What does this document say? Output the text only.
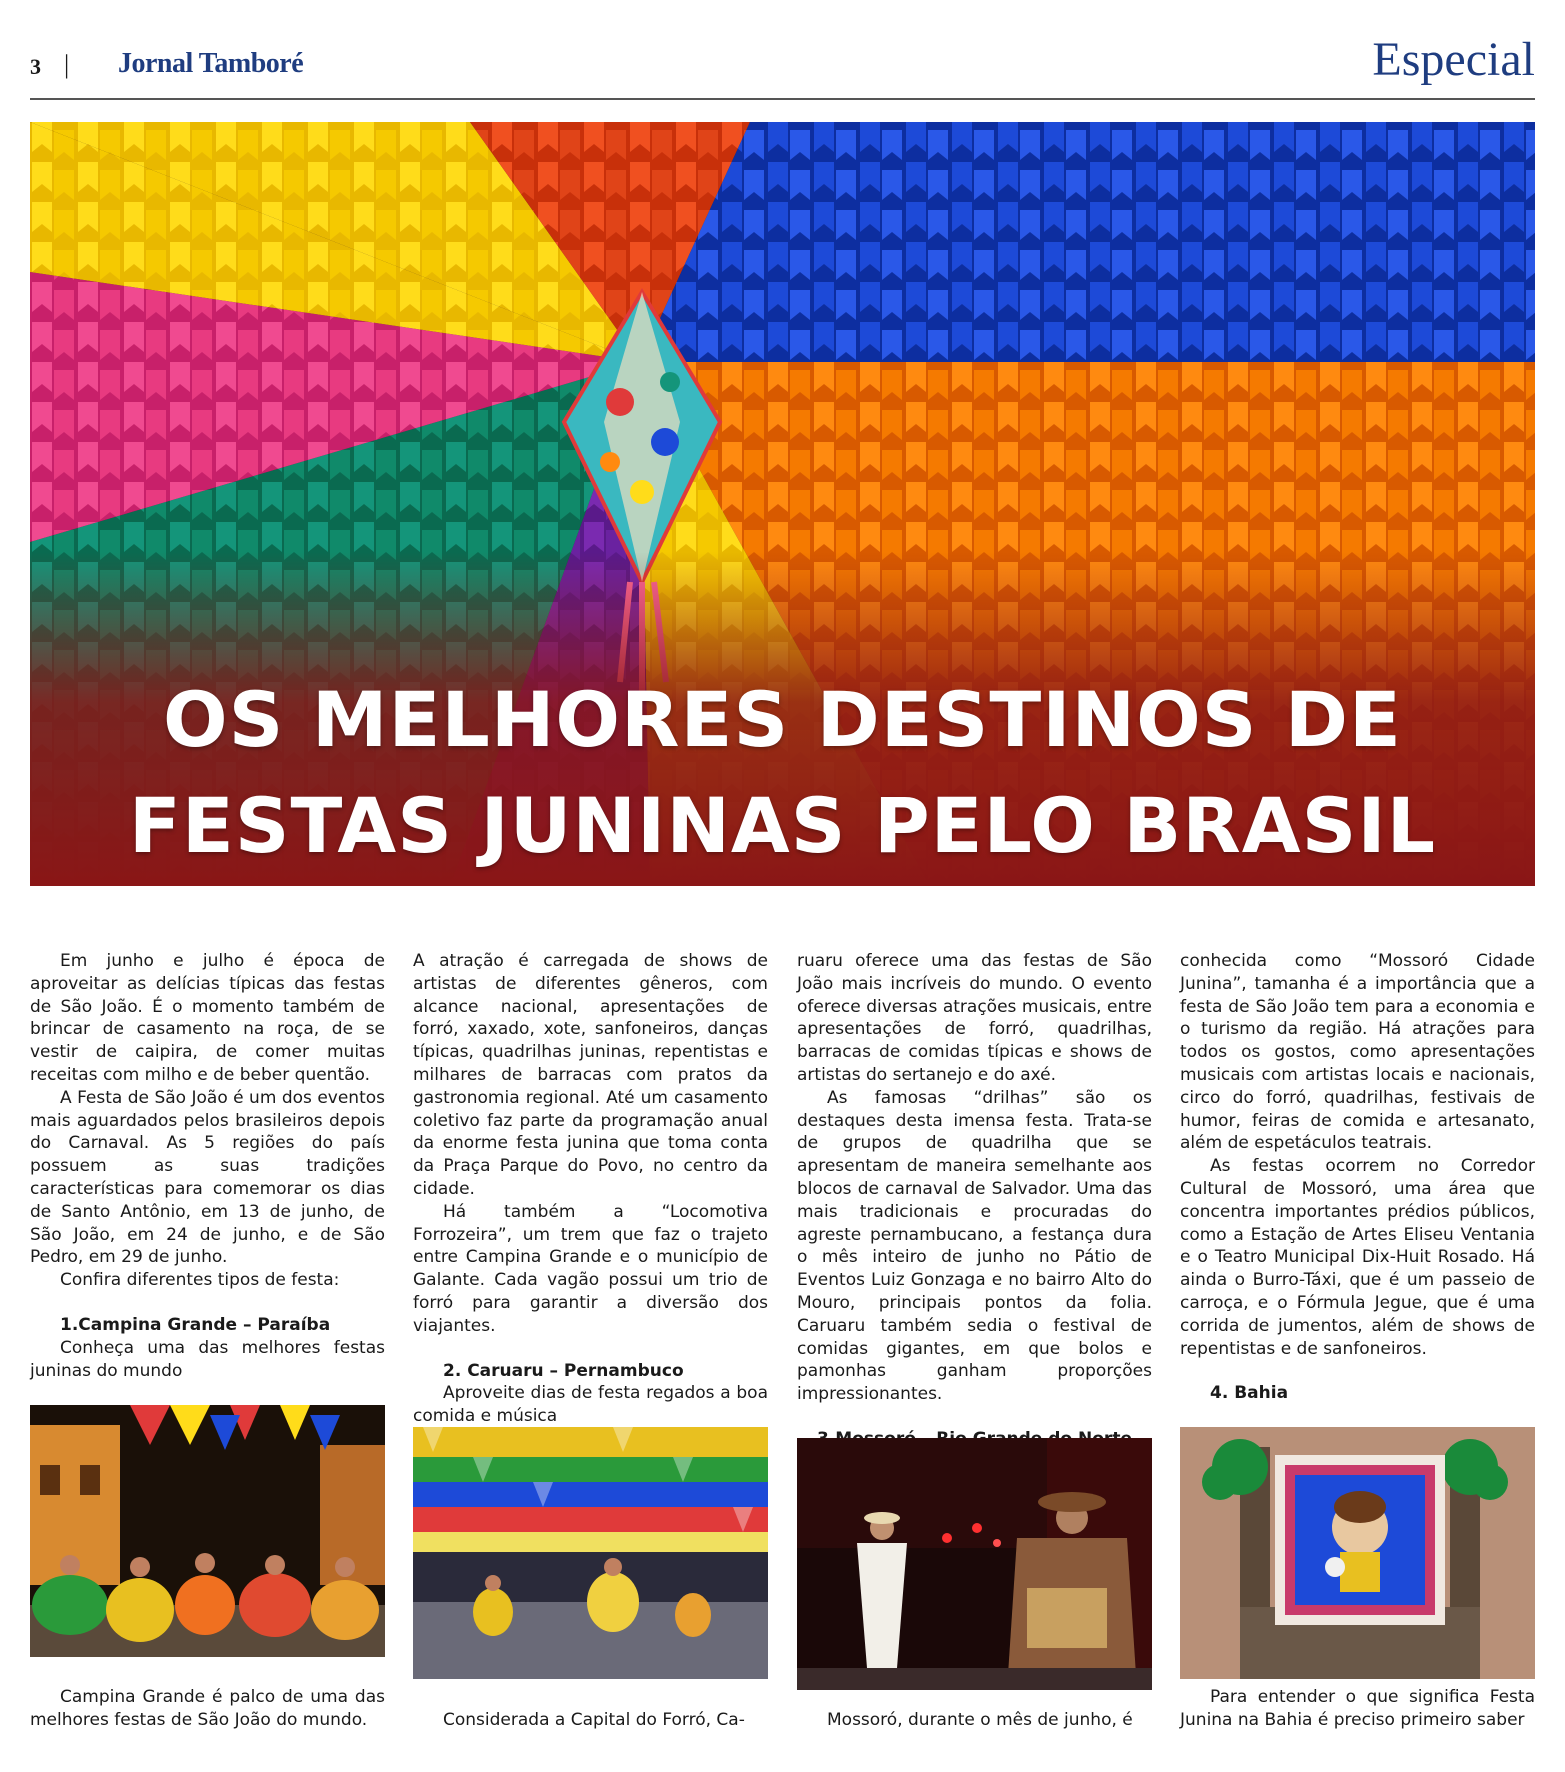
3 | Jornal Tamboré	Especial
OS MELHORES DESTINOS DE
FESTAS JUNINAS PELO BRASIL

Em junho e julho é época de aproveitar as delícias típicas das festas de São João. É o momento também de brincar de casamento na roça, de se vestir de caipira, de comer muitas receitas com milho e de beber quentão.

A Festa de São João é um dos eventos mais aguardados pelos brasileiros depois do Carnaval. As 5 regiões do país possuem as suas tradições características para comemorar os dias de Santo Antônio, em 13 de junho, de São João, em 24 de junho, e de São Pedro, em 29 de junho.

Confira diferentes tipos de festa:

1.Campina Grande – Paraíba

Conheça uma das melhores festas juninas do mundo

A atração é carregada de shows de artistas de diferentes gêneros, com alcance nacional, apresentações de forró, xaxado, xote, sanfoneiros, danças típicas, quadrilhas juninas, repentistas e milhares de barracas com pratos da gastronomia regional. Até um casamento coletivo faz parte da programação anual da enorme festa junina que toma conta da Praça Parque do Povo, no centro da cidade.

Há também a “Locomotiva Forrozeira”, um trem que faz o trajeto entre Campina Grande e o município de Galante. Cada vagão possui um trio de forró para garantir a diversão dos viajantes.

2. Caruaru – Pernambuco

Aproveite dias de festa regados a boa comida e música

ruaru oferece uma das festas de São João mais incríveis do mundo. O evento oferece diversas atrações musicais, entre apresentações de forró, quadrilhas, barracas de comidas típicas e shows de artistas do sertanejo e do axé.

As famosas “drilhas” são os destaques desta imensa festa. Trata-se de grupos de quadrilha que se apresentam de maneira semelhante aos blocos de carnaval de Salvador. Uma das mais tradicionais e procuradas do agreste pernambucano, a festança dura o mês inteiro de junho no Pátio de Eventos Luiz Gonzaga e no bairro Alto do Mouro, principais pontos da folia. Caruaru também sedia o festival de comidas gigantes, em que bolos e pamonhas ganham proporções impressionantes.

conhecida como “Mossoró Cidade Junina”, tamanha é a importância que a festa de São João tem para a economia e o turismo da região. Há atrações para todos os gostos, como apresentações musicais com artistas locais e nacionais, circo do forró, quadrilhas, festivais de humor, feiras de comida e artesanato, além de espetáculos teatrais.

As festas ocorrem no Corredor Cultural de Mossoró, uma área que concentra importantes prédios públicos, como a Estação de Artes Eliseu Ventania e o Teatro Municipal Dix-Huit Rosado. Há ainda o Burro-Táxi, que é um passeio de carroça, e o Fórmula Jegue, que é uma corrida de jumentos, além de shows de repentistas e de sanfoneiros.

4. Bahia

Campina Grande é palco de uma das melhores festas de São João do mundo.	Considerada a Capital do Forró, Ca-	Mossoró, durante o mês de junho, é

Para entender o que significa Festa Junina na Bahia é preciso primeiro saber
